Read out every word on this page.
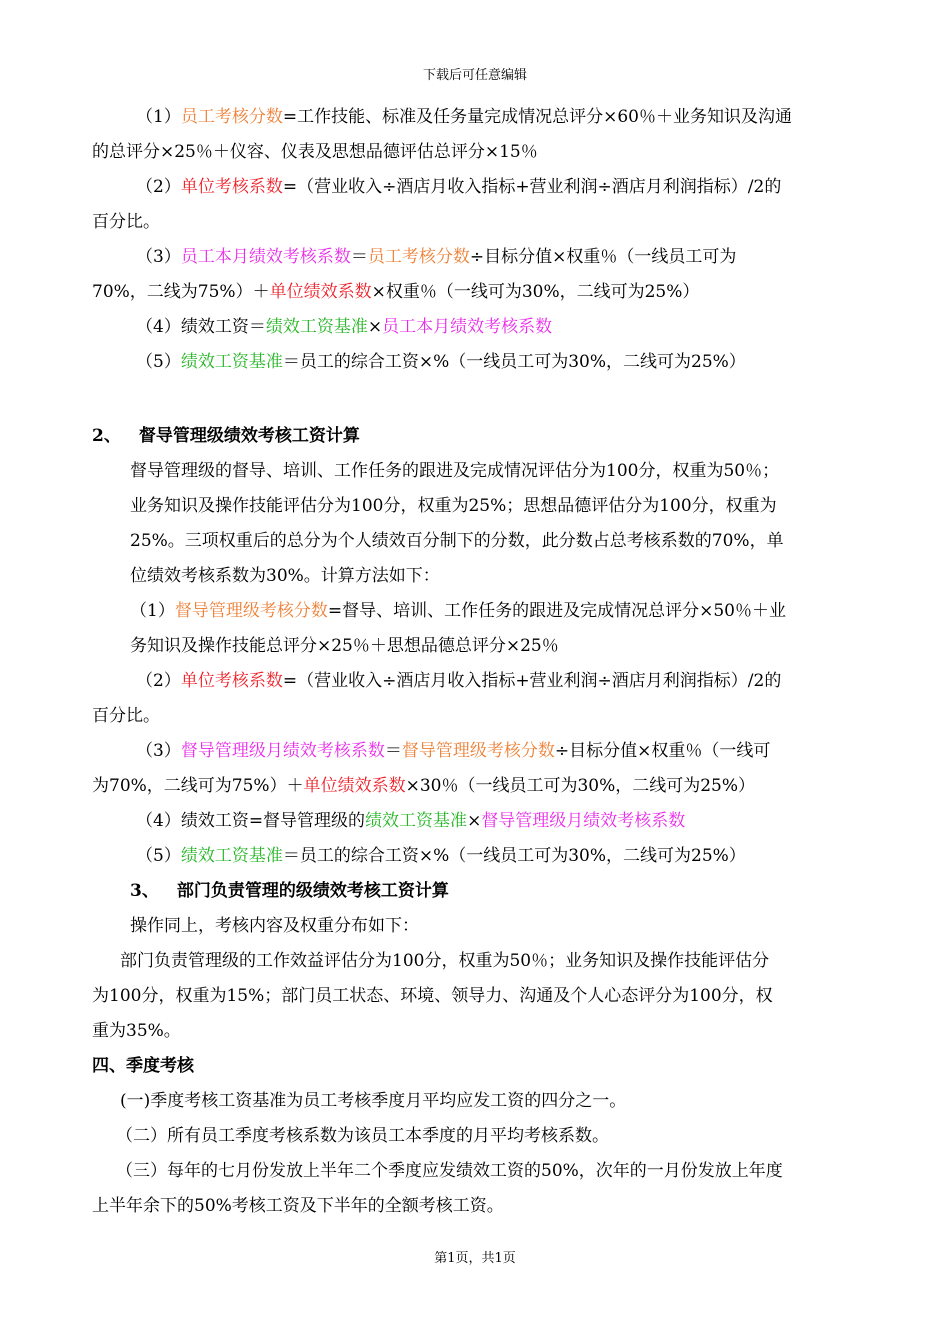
下载后可任意编辑
（1）员工考核分数=工作技能、标准及任务量完成情况总评分×60％＋业务知识及沟通
的总评分×25％＋仪容、仪表及思想品德评估总评分×15％
（2）单位考核系数=（营业收入÷酒店月收入指标+营业利润÷酒店月利润指标）/2的
百分比。
（3）员工本月绩效考核系数＝员工考核分数÷目标分值×权重％（一线员工可为
70%，二线为75%）＋单位绩效系数×权重％（一线可为30%，二线可为25%）
（4）绩效工资＝绩效工资基准×员工本月绩效考核系数
（5）绩效工资基准＝员工的综合工资×%（一线员工可为30%，二线可为25%）
2、 督导管理级绩效考核工资计算
督导管理级的督导、培训、工作任务的跟进及完成情况评估分为100分，权重为50％；
业务知识及操作技能评估分为100分，权重为25%；思想品德评估分为100分，权重为
25%。三项权重后的总分为个人绩效百分制下的分数，此分数占总考核系数的70%，单
位绩效考核系数为30%。计算方法如下：
（1）督导管理级考核分数=督导、培训、工作任务的跟进及完成情况总评分×50％＋业
务知识及操作技能总评分×25％＋思想品德总评分×25％
（2）单位考核系数=（营业收入÷酒店月收入指标+营业利润÷酒店月利润指标）/2的
百分比。
（3）督导管理级月绩效考核系数＝督导管理级考核分数÷目标分值×权重％（一线可
为70%，二线可为75%）＋单位绩效系数×30％（一线员工可为30%，二线可为25%）
（4）绩效工资=督导管理级的绩效工资基准×督导管理级月绩效考核系数
（5）绩效工资基准＝员工的综合工资×%（一线员工可为30%，二线可为25%）
3、 部门负责管理的级绩效考核工资计算
操作同上，考核内容及权重分布如下：
部门负责管理级的工作效益评估分为100分，权重为50％；业务知识及操作技能评估分
为100分，权重为15%；部门员工状态、环境、领导力、沟通及个人心态评分为100分，权
重为35%。
四、季度考核
(一)季度考核工资基准为员工考核季度月平均应发工资的四分之一。
（二）所有员工季度考核系数为该员工本季度的月平均考核系数。
（三）每年的七月份发放上半年二个季度应发绩效工资的50%，次年的一月份发放上年度
上半年余下的50%考核工资及下半年的全额考核工资。
第1页，共1页
